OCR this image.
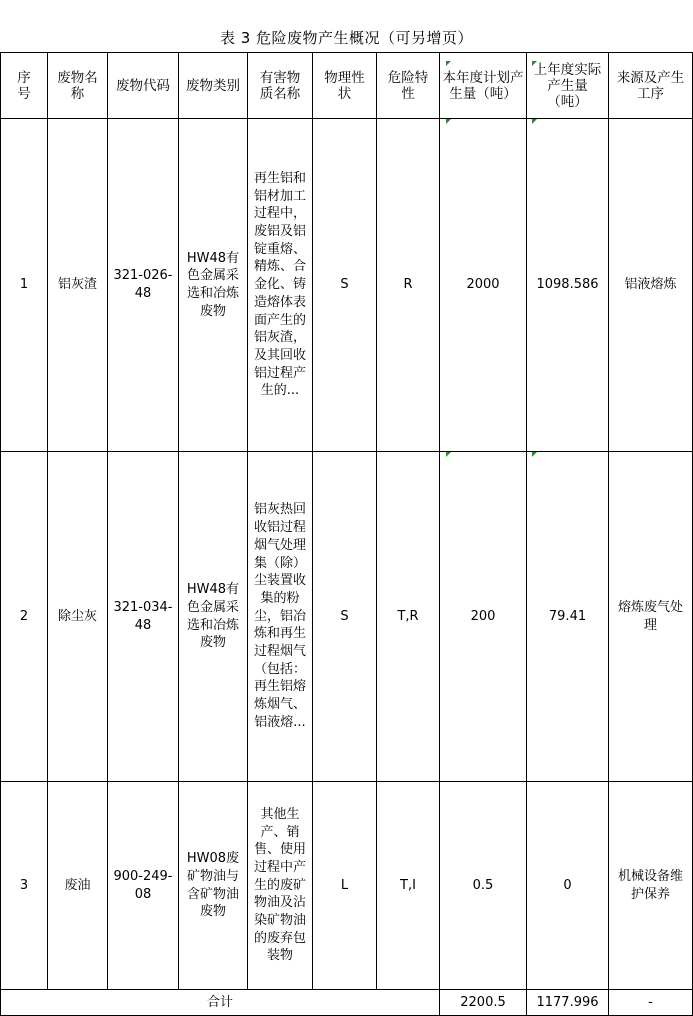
表 3 危险废物产生概况（可另增页）
序号	废物名称	废物代码	废物类别	有害物质名称	物理性状	危险特性	本年度计划产生量（吨）	上年度实际产生量（吨）	来源及产生工序
1	铝灰渣	321-026-48	HW48有色金属采选和冶炼废物	再生铝和铝材加工过程中，废铝及铝锭重熔、精炼、合金化、铸造熔体表面产生的铝灰渣，及其回收铝过程产生的...	S	R	2000	1098.586	铝液熔炼
2	除尘灰	321-034-48	HW48有色金属采选和冶炼废物	铝灰热回收铝过程烟气处理集（除）尘装置收集的粉尘，铝冶炼和再生过程烟气（包括：再生铝熔炼烟气、铝液熔...	S	T,R	200	79.41	熔炼废气处理
3	废油	900-249-08	HW08废矿物油与含矿物油废物	其他生产、销售、使用过程中产生的废矿物油及沾染矿物油的废弃包装物	L	T,I	0.5	0	机械设备维护保养
合计							2200.5	1177.996	-
